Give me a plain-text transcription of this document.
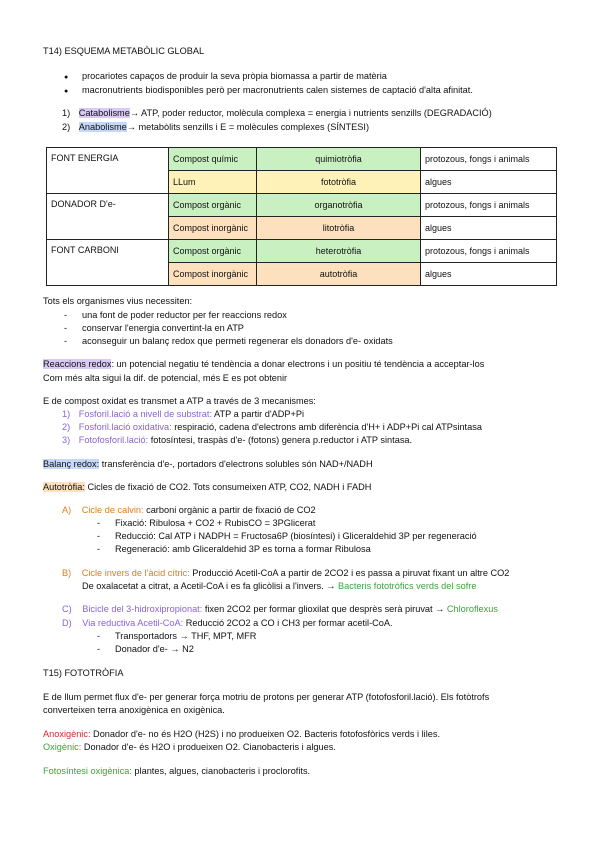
T14) ESQUEMA METABÒLIC GLOBAL
● procariotes capaços de produir la seva pròpia biomassa a partir de matèria
● macronutrients biodisponibles però per macronutrients calen sistemes de captació d'alta afinitat.
1) Catabolisme→ ATP, poder reductor, molècula complexa = energia i nutrients senzills (DEGRADACIÓ)
2) Anabolisme→ metabòlits senzills i E = molècules complexes (SÍNTESI)
FONT ENERGIA	Compost químic	quimiotròfia	protozous, fongs i animals
	LLum	fototròfia	algues
DONADOR D'e-	Compost orgànic	organotròfia	protozous, fongs i animals
	Compost inorgànic	litotròfia	algues
FONT CARBONI	Compost orgànic	heterotròfia	protozous, fongs i animals
	Compost inorgànic	autotròfia	algues
Tots els organismes vius necessiten:
- una font de poder reductor per fer reaccions redox
- conservar l'energia convertint-la en ATP
- aconseguir un balanç redox que permeti regenerar els donadors d'e- oxidats
Reaccions redox: un potencial negatiu té tendència a donar electrons i un positiu té tendència a acceptar-los
Com més alta sigui la dif. de potencial, més E es pot obtenir
E de compost oxidat es transmet a ATP a través de 3 mecanismes:
1) Fosforil.lació a nivell de substrat: ATP a partir d'ADP+Pi
2) Fosforil.lació oxidativa: respiració, cadena d'electrons amb diferència d'H+ i ADP+Pi cal ATPsintasa
3) Fotofosforil.lació: fotosíntesi, traspàs d'e- (fotons) genera p.reductor i ATP sintasa.
Balanç redox: transferència d'e-, portadors d'electrons solubles són NAD+/NADH
Autotròfia: Cicles de fixació de CO2. Tots consumeixen ATP, CO2, NADH i FADH
A) Cicle de calvin: carboni orgànic a partir de fixació de CO2
- Fixació: Ribulosa + CO2 + RubisCO = 3PGlicerat
- Reducció: Cal ATP i NADPH = Fructosa6P (biosíntesi) i Gliceraldehid 3P per regeneració
- Regeneració: amb Gliceraldehid 3P es torna a formar Ribulosa
B) Cicle invers de l'àcid cítric: Producció Acetil-CoA a partir de 2CO2 i es passa a piruvat fixant un altre CO2
De oxalacetat a citrat, a Acetil-CoA i es fa glicòlisi a l'invers. → Bacteris fototròfics verds del sofre
C) Bicicle del 3-hidroxipropionat: fixen 2CO2 per formar glioxilat que desprès serà piruvat → Chloroflexus
D) Via reductiva Acetil-CoA: Reducció 2CO2 a CO i CH3 per formar acetil-CoA.
- Transportadors → THF, MPT, MFR
- Donador d'e- → N2
T15) FOTOTRÒFIA
E de llum permet flux d'e- per generar força motriu de protons per generar ATP (fotofosforil.lació). Els fotòtrofs
converteixen terra anoxigènica en oxigènica.
Anoxigènic: Donador d'e- no és H2O (H2S) i no produeixen O2. Bacteris fotofosfòrics verds i liles.
Oxigènic: Donador d'e- és H2O i produeixen O2. Cianobacteris i algues.
Fotosíntesi oxigènica: plantes, algues, cianobacteris i proclorofits.
